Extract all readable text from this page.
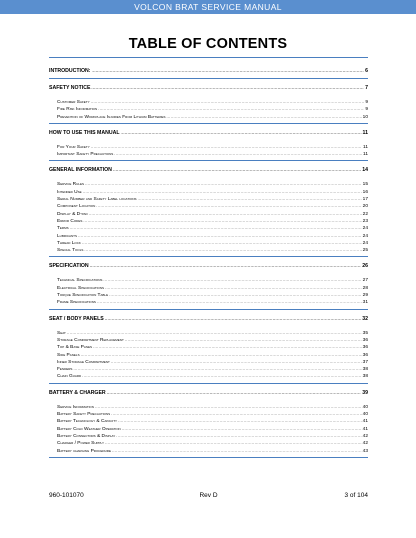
VOLCON BRAT SERVICE MANUAL
TABLE OF CONTENTS
INTRODUCTION: .....	6
SAFETY NOTICE .....	7
Customer Safety .....	9
Fire Risk Information .....	9
Prevention of Workplace Injuries From Lithium Batteries .....	10
HOW TO USE THIS MANUAL .....	11
For Your Safety .....	11
Important Safety Precautions .....	11
GENERAL INFORMATION .....	14
Service Rules .....	15
Intended Use .....	16
Serial Number and Safety Label locations .....	17
Component Location .....	20
Display & D-pad .....	22
Error Codes .....	23
Terms .....	24
Lubricants .....	24
Thread Lock .....	24
Special Tools .....	25
SPECIFICATION .....	26
Technical Specifications .....	27
Electrical Specifications .....	28
Torque Specification Table .....	29
Frame Specifications .....	31
SEAT / BODY PANELS .....	32
Seat .....	35
Storage Compartment Replacement .....	36
Top & Base Panes .....	36
Side Panels .....	36
Inner Storage Compartment .....	37
Fenders .....	38
Chain Guard .....	38
BATTERY & CHARGER .....	39
Service Information .....	40
Battery Safety Precautions .....	40
Battery Technology & Capacity .....	41
Battery Cold Weather Operation .....	41
Battery Connectors & Display .....	42
Charger / Power Supply .....	42
Battery charging Procedure .....	43
960-101070	Rev D	3 of 104
